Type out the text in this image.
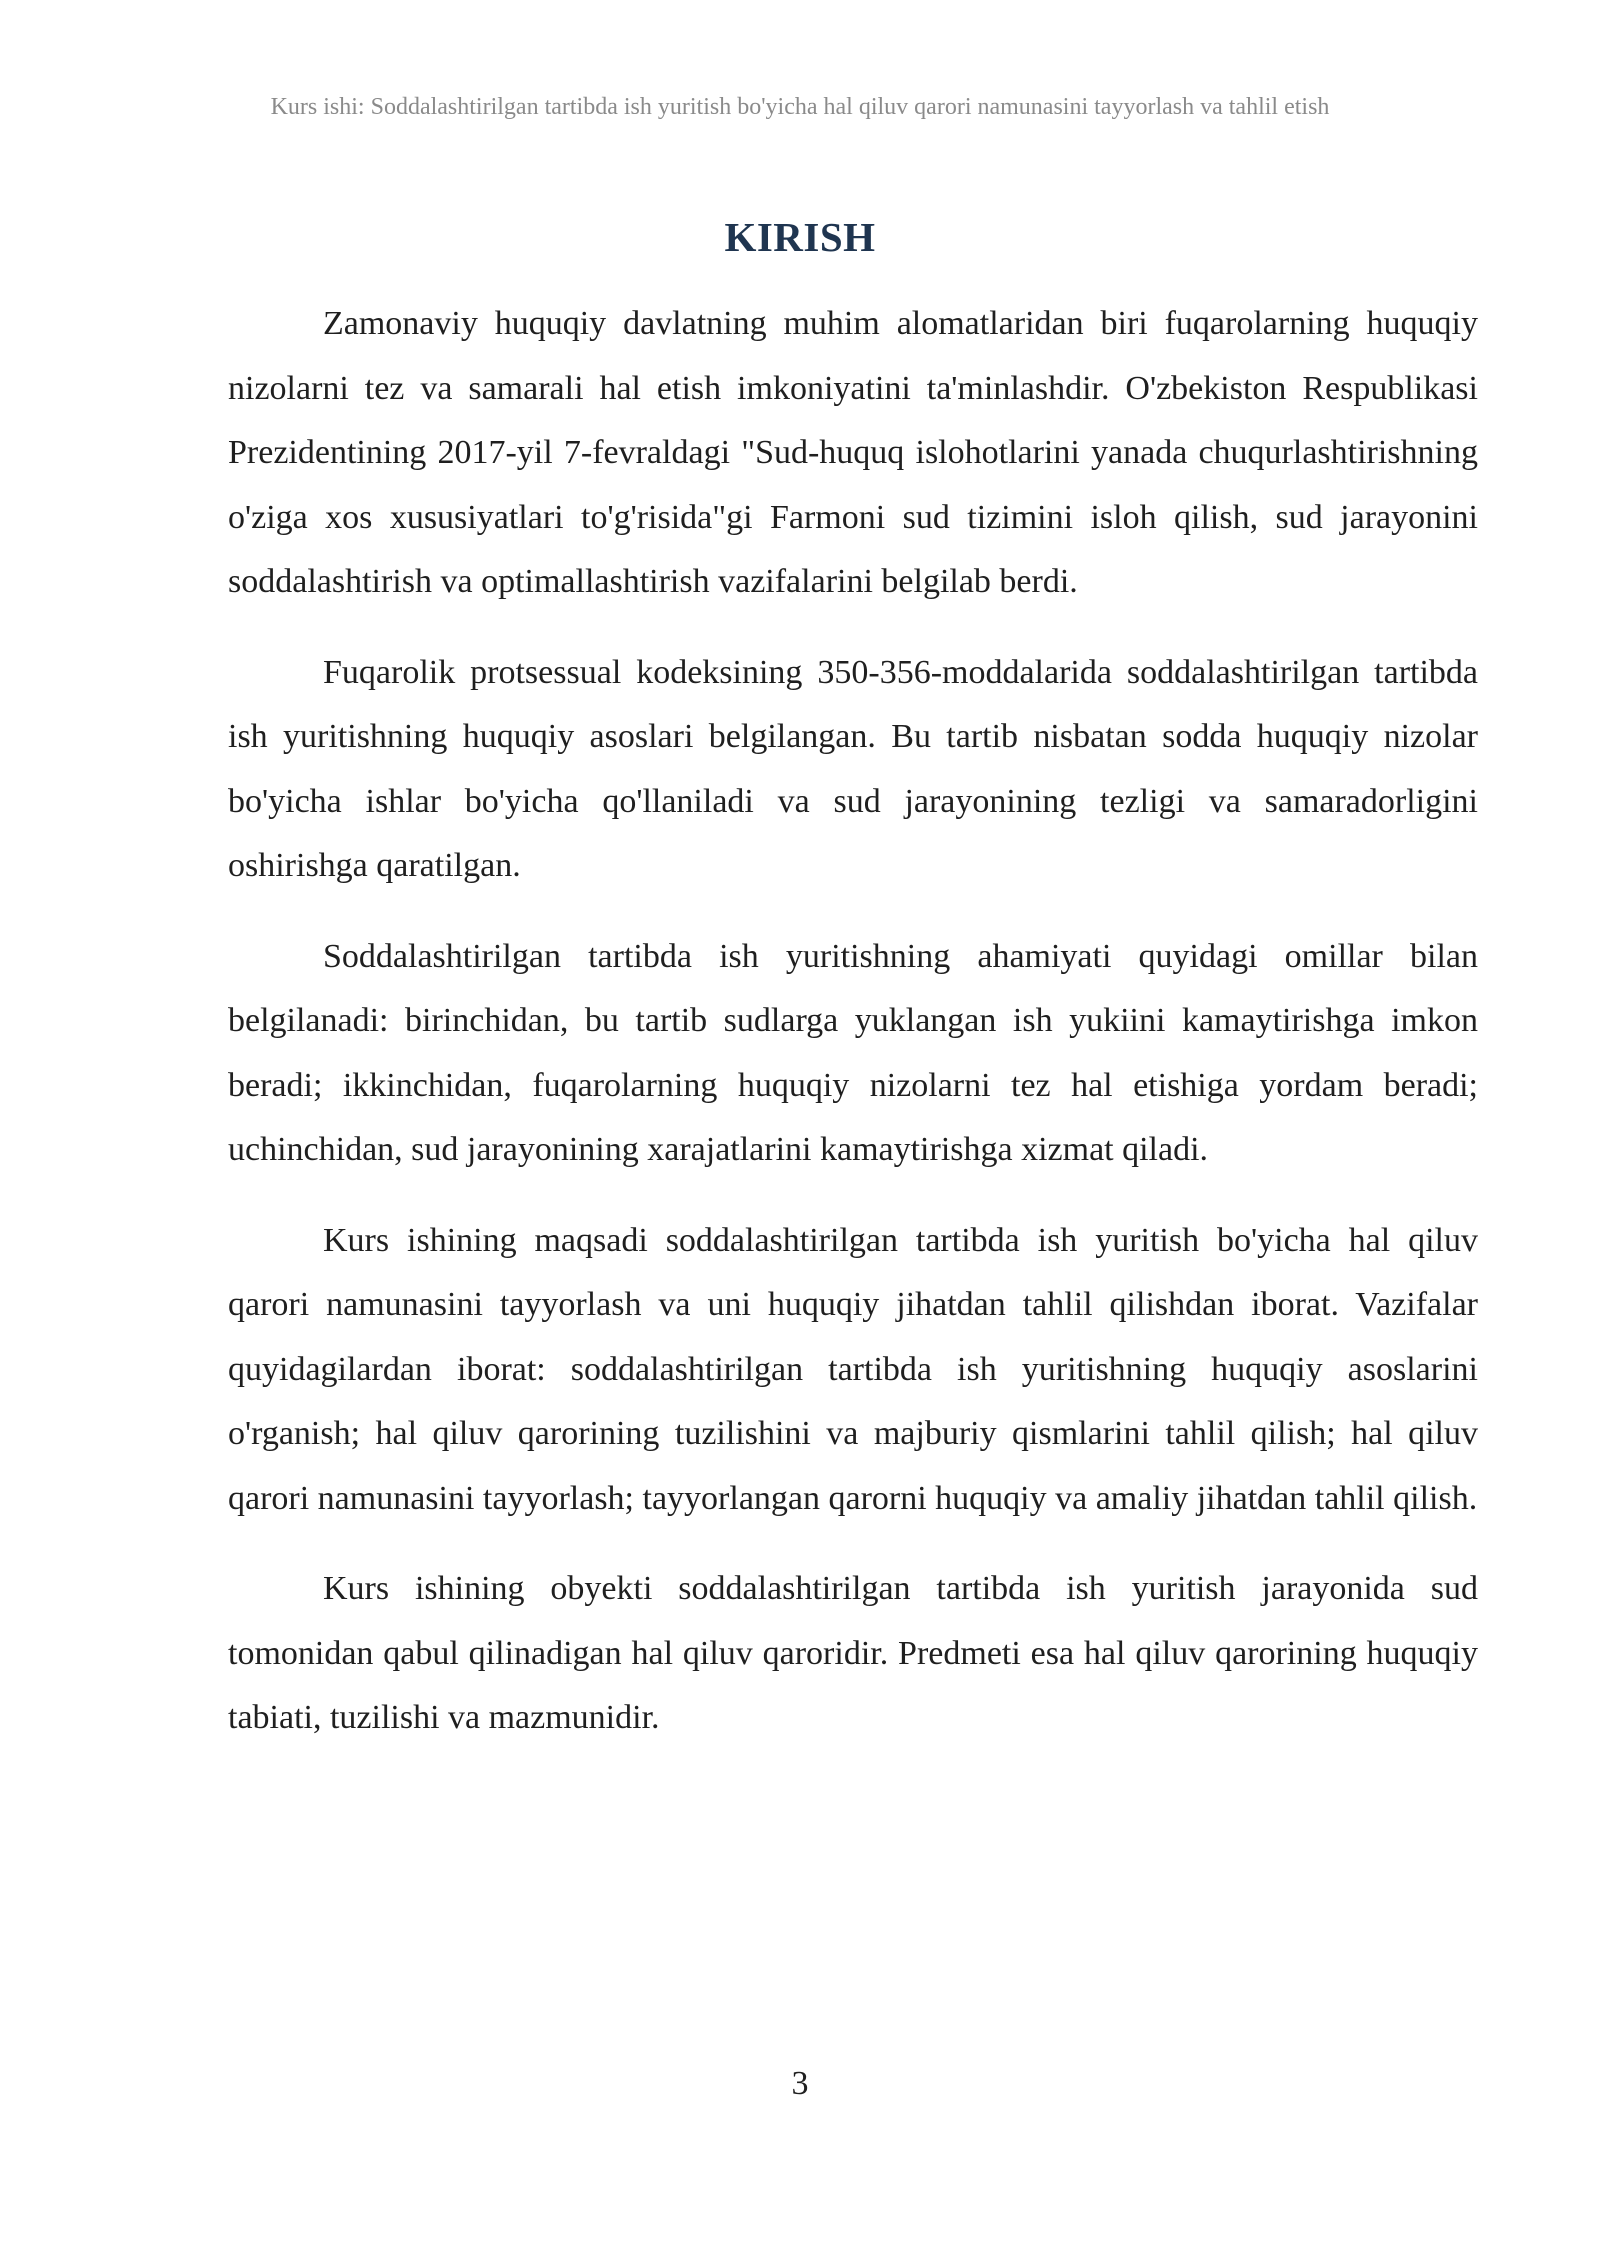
Kurs ishi: Soddalashtirilgan tartibda ish yuritish bo'yicha hal qiluv qarori namunasini tayyorlash va tahlil etish
KIRISH

Zamonaviy huquqiy davlatning muhim alomatlaridan biri fuqarolarning huquqiy nizolarni tez va samarali hal etish imkoniyatini ta'minlashdir. O'zbekiston Respublikasi Prezidentining 2017-yil 7-fevraldagi "Sud-huquq islohotlarini yanada chuqurlashtirishning o'ziga xos xususiyatlari to'g'risida"gi Farmoni sud tizimini isloh qilish, sud jarayonini soddalashtirish va optimallashtirish vazifalarini belgilab berdi.

Fuqarolik protsessual kodeksining 350-356-moddalarida soddalashtirilgan tartibda ish yuritishning huquqiy asoslari belgilangan. Bu tartib nisbatan sodda huquqiy nizolar bo'yicha ishlar bo'yicha qo'llaniladi va sud jarayonining tezligi va samaradorligini oshirishga qaratilgan.

Soddalashtirilgan tartibda ish yuritishning ahamiyati quyidagi omillar bilan belgilanadi: birinchidan, bu tartib sudlarga yuklangan ish yukiini kamaytirishga imkon beradi; ikkinchidan, fuqarolarning huquqiy nizolarni tez hal etishiga yordam beradi; uchinchidan, sud jarayonining xarajatlarini kamaytirishga xizmat qiladi.

Kurs ishining maqsadi soddalashtirilgan tartibda ish yuritish bo'yicha hal qiluv qarori namunasini tayyorlash va uni huquqiy jihatdan tahlil qilishdan iborat. Vazifalar quyidagilardan iborat: soddalashtirilgan tartibda ish yuritishning huquqiy asoslarini o'rganish; hal qiluv qarorining tuzilishini va majburiy qismlarini tahlil qilish; hal qiluv qarori namunasini tayyorlash; tayyorlangan qarorni huquqiy va amaliy jihatdan tahlil qilish.

Kurs ishining obyekti soddalashtirilgan tartibda ish yuritish jarayonida sud tomonidan qabul qilinadigan hal qiluv qaroridir. Predmeti esa hal qiluv qarorining huquqiy tabiati, tuzilishi va mazmunidir.

3
